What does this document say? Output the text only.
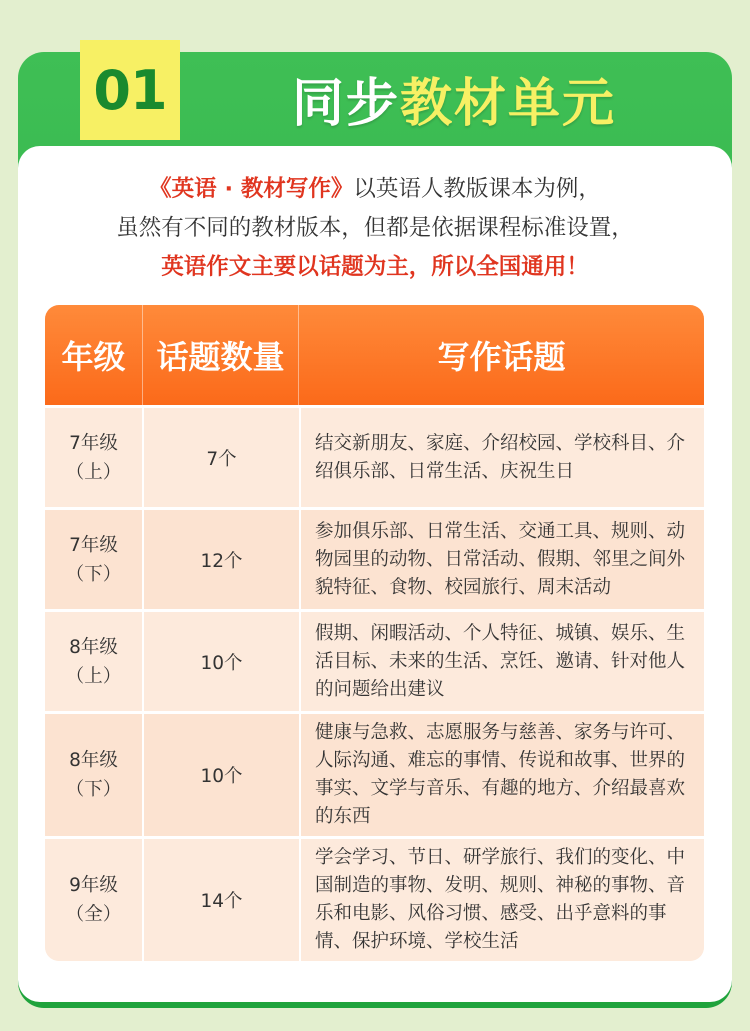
01 同步 教材单元
《英语 · 教材写作》以英语人教版课本为例，
虽然有不同的教材版本，但都是依据课程标准设置，
英语作文主要以话题为主，所以全国通用！
年级 话题数量	写作话题
7年级
（上）
7个
结交新朋友、家庭、介绍校园、学校科目、介绍俱乐部、日常生活、庆祝生日
7年级
（下）
12个
参加俱乐部、日常生活、交通工具、规则、动物园里的动物、日常活动、假期、邻里之间外貌特征、食物、校园旅行、周末活动
8年级
（上）
10个
假期、闲暇活动、个人特征、城镇、娱乐、生活目标、未来的生活、烹饪、邀请、针对他人的问题给出建议
8年级
（下）
10个
健康与急救、志愿服务与慈善、家务与许可、人际沟通、难忘的事情、传说和故事、世界的事实、文学与音乐、有趣的地方、介绍最喜欢的东西
9年级
（全）
14个
学会学习、节日、研学旅行、我们的变化、中国制造的事物、发明、规则、神秘的事物、音乐和电影、风俗习惯、感受、出乎意料的事情、保护环境、学校生活
